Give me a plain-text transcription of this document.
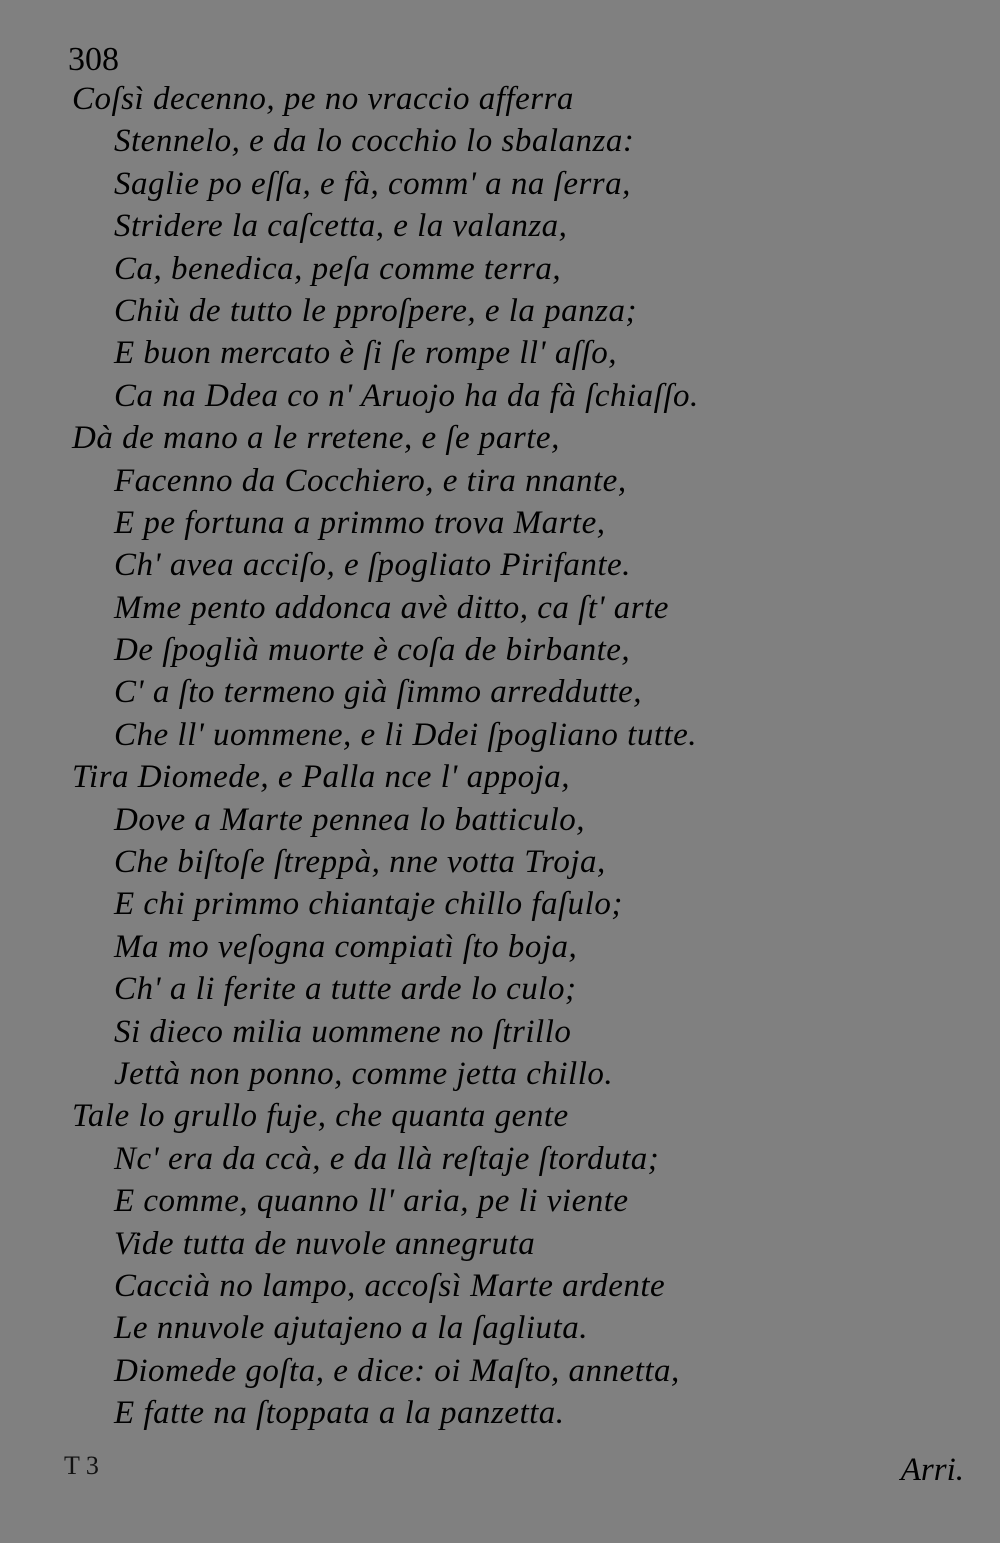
308
Coſsì decenno, pe no vraccio afferra
Stennelo, e da lo cocchio lo sbalanza:
Saglie po eſſa, e fà, comm' a na ſerra,
Stridere la caſcetta, e la valanza,
Ca, benedica, peſa comme terra,
Chiù de tutto le pproſpere, e la panza;
E buon mercato è ſi ſe rompe ll' aſſo,
Ca na Ddea co n' Aruojo ha da fà ſchiaſſo.
Dà de mano a le rretene, e ſe parte,
Facenno da Cocchiero, e tira nnante,
E pe fortuna a primmo trova Marte,
Ch' avea acciſo, e ſpogliato Pirifante.
Mme pento addonca avè ditto, ca ſt' arte
De ſpoglià muorte è coſa de birbante,
C' a ſto termeno già ſimmo arreddutte,
Che ll' uommene, e li Ddei ſpogliano tutte.
Tira Diomede, e Palla nce l' appoja,
Dove a Marte pennea lo batticulo,
Che biſtoſe ſtreppà, nne votta Troja,
E chi primmo chiantaje chillo faſulo;
Ma mo veſogna compiatì ſto boja,
Ch' a li ferite a tutte arde lo culo;
Si dieco milia uommene no ſtrillo
Jettà non ponno, comme jetta chillo.
Tale lo grullo fuje, che quanta gente
Nc' era da ccà, e da llà reſtaje ſtorduta;
E comme, quanno ll' aria, pe li viente
Vide tutta de nuvole annegruta
Caccià no lampo, accoſsì Marte ardente
Le nnuvole ajutajeno a la ſagliuta.
Diomede goſta, e dice: oi Maſto, annetta,
E fatte na ſtoppata a la panzetta.
T 3	Arri.
